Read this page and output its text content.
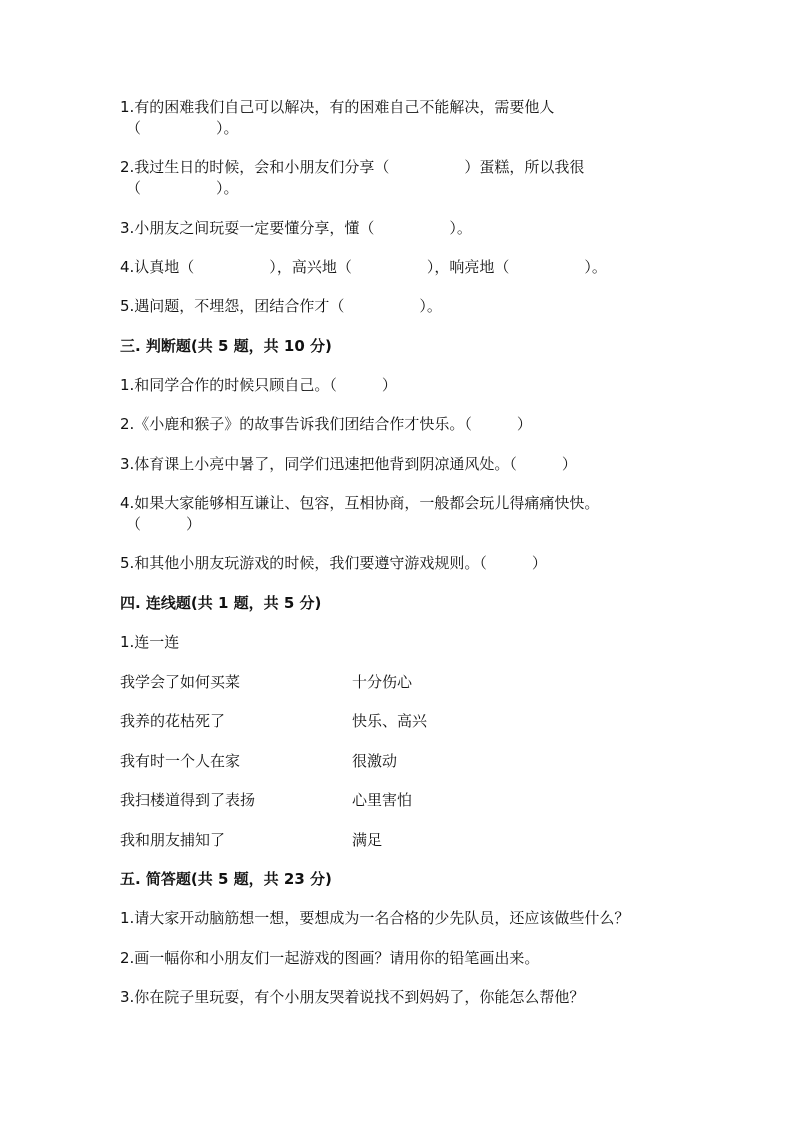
1.有的困难我们自己可以解决，有的困难自己不能解决，需要他人
（　　　　　）。
2.我过生日的时候，会和小朋友们分享（　　　　　）蛋糕，所以我很
（　　　　　）。
3.小朋友之间玩耍一定要懂分享，懂（　　　　　）。
4.认真地（　　　　　），高兴地（　　　　　），响亮地（　　　　　）。
5.遇问题，不埋怨，团结合作才（　　　　　）。
三. 判断题(共 5 题，共 10 分)
1.和同学合作的时候只顾自己。（　　　）
2.《小鹿和猴子》的故事告诉我们团结合作才快乐。（　　　）
3.体育课上小亮中暑了，同学们迅速把他背到阴凉通风处。（　　　）
4.如果大家能够相互谦让、包容，互相协商，一般都会玩儿得痛痛快快。
（　　　）
5.和其他小朋友玩游戏的时候，我们要遵守游戏规则。（　　　）
四. 连线题(共 1 题，共 5 分)
1.连一连
我学会了如何买菜	十分伤心
我养的花枯死了	快乐、高兴
我有时一个人在家	很激动
我扫楼道得到了表扬	心里害怕
我和朋友捕知了	满足
五. 简答题(共 5 题，共 23 分)
1.请大家开动脑筋想一想，要想成为一名合格的少先队员，还应该做些什么？
2.画一幅你和小朋友们一起游戏的图画？请用你的铅笔画出来。
3.你在院子里玩耍，有个小朋友哭着说找不到妈妈了，你能怎么帮他？
